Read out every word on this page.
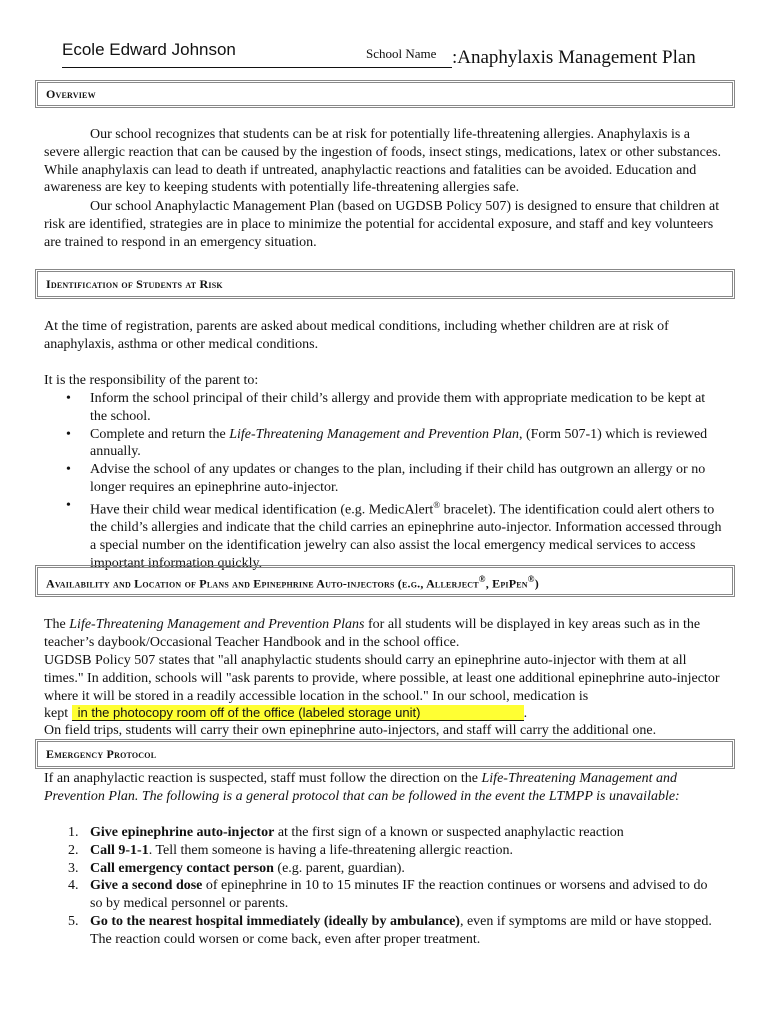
Ecole Edward Johnson	School Name :Anaphylaxis Management Plan
Overview
Our school recognizes that students can be at risk for potentially life-threatening allergies. Anaphylaxis is a severe allergic reaction that can be caused by the ingestion of foods, insect stings, medications, latex or other substances. While anaphylaxis can lead to death if untreated, anaphylactic reactions and fatalities can be avoided. Education and awareness are key to keeping students with potentially life-threatening allergies safe.
Our school Anaphylactic Management Plan (based on UGDSB Policy 507) is designed to ensure that children at risk are identified, strategies are in place to minimize the potential for accidental exposure, and staff and key volunteers are trained to respond in an emergency situation.
Identification of Students at Risk
At the time of registration, parents are asked about medical conditions, including whether children are at risk of anaphylaxis, asthma or other medical conditions.
It is the responsibility of the parent to:
• Inform the school principal of their child’s allergy and provide them with appropriate medication to be kept at the school.
• Complete and return the Life-Threatening Management and Prevention Plan, (Form 507-1) which is reviewed annually.
• Advise the school of any updates or changes to the plan, including if their child has outgrown an allergy or no longer requires an epinephrine auto-injector.
• Have their child wear medical identification (e.g. MedicAlert® bracelet). The identification could alert others to the child’s allergies and indicate that the child carries an epinephrine auto-injector. Information accessed through a special number on the identification jewelry can also assist the local emergency medical services to access important information quickly.
Availability and Location of Plans and Epinephrine Auto-injectors (e.g., Allerject®, EpiPen®)
The Life-Threatening Management and Prevention Plans for all students will be displayed in key areas such as in the teacher’s daybook/Occasional Teacher Handbook and in the school office.
UGDSB Policy 507 states that "all anaphylactic students should carry an epinephrine auto-injector with them at all times." In addition, schools will "ask parents to provide, where possible, at least one additional epinephrine auto-injector where it will be stored in a readily accessible location in the school." In our school, medication is
kept in the photocopy room off of the office (labeled storage unit)	.
On field trips, students will carry their own epinephrine auto-injectors, and staff will carry the additional one.
Emergency Protocol
If an anaphylactic reaction is suspected, staff must follow the direction on the Life-Threatening Management and Prevention Plan. The following is a general protocol that can be followed in the event the LTMPP is unavailable:
1. Give epinephrine auto-injector at the first sign of a known or suspected anaphylactic reaction
2. Call 9-1-1. Tell them someone is having a life-threatening allergic reaction.
3. Call emergency contact person (e.g. parent, guardian).
4. Give a second dose of epinephrine in 10 to 15 minutes IF the reaction continues or worsens and advised to do so by medical personnel or parents.
5. Go to the nearest hospital immediately (ideally by ambulance), even if symptoms are mild or have stopped. The reaction could worsen or come back, even after proper treatment.
